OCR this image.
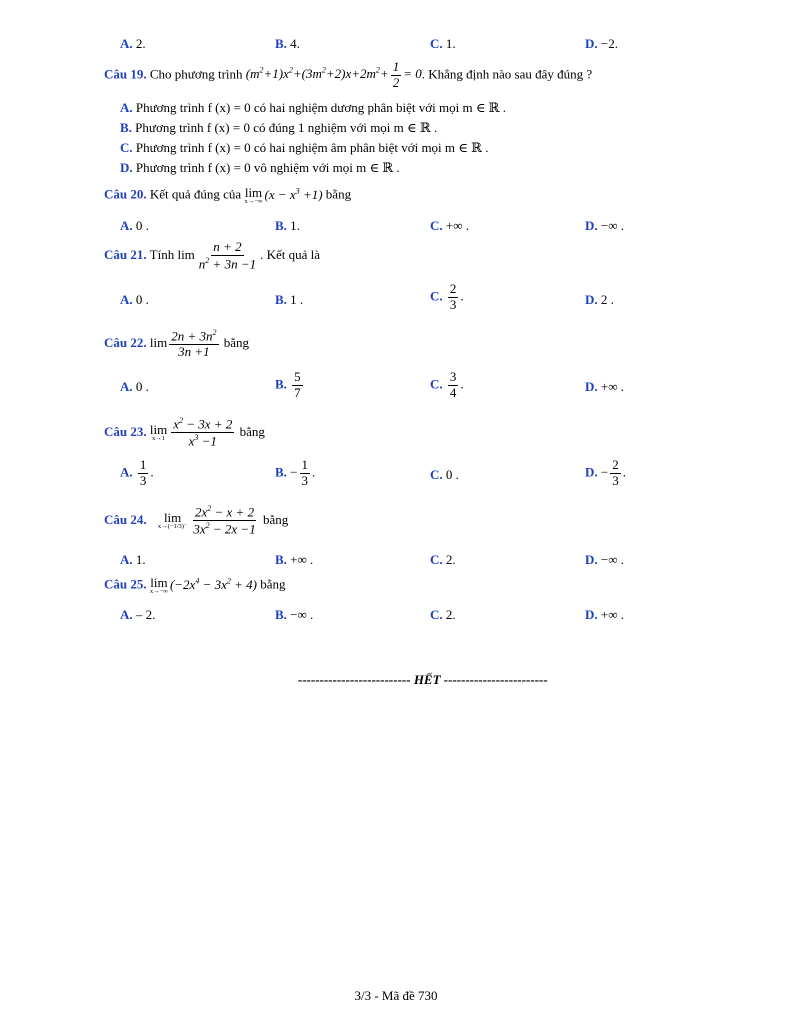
A. 2.	B. 4.	C. 1.	D. −2.
Câu 19. Cho phương trình $(m^2+1)x^2+(3m^2+2)x+2m^2+ \frac{1}{2} = 0$. Khẳng định nào sau đây đúng ?
A. Phương trình f (x) = 0 có hai nghiệm dương phân biệt với mọi m ∈ ℝ .
B. Phương trình f (x) = 0 có đúng 1 nghiệm với mọi m ∈ ℝ .
C. Phương trình f (x) = 0 có hai nghiệm âm phân biệt với mọi m ∈ ℝ .
D. Phương trình f (x) = 0 vô nghiệm với mọi m ∈ ℝ .
Câu 20. Kết quả đúng của lim
x→−∞ $(x - x^3 +1)$ bằng
A. 0 .	B. 1.	C. +∞ .	D. −∞ .
Câu 21. Tính $\lim \frac{n + 2}{n^2 + 3n -1}$ . Kết quả là
A. 0 .	B. 1 .	C. $\frac{2}{3}$ .	D. 2 .
Câu 22. $\lim \frac{2n + 3n^2}{3n +1}$ bằng
A. 0 .	B. $\frac{5}{7}$	C. $\frac{3}{4}$ .	D. +∞ .
Câu 23. lim
$x\to 1 \frac{x^2 - 3x + 2}{x^3 -1}$ bằng
A. $\frac{1}{3}$ .	B. − $\frac{1}{3}$ .	C. 0 .	D. − $\frac{2}{3}$ .
Câu 24. lim
$x\to(-1/3)^- \frac{2x^2 - x + 2}{3x^2 - 2x -1}$ bằng
A. 1.	B. +∞ .	C. 2.	D. −∞ .
Câu 25. lim
x→−∞ $(-2x^4 - 3x^2 + 4)$ bằng
A. – 2.	B. −∞ .	C. 2.	D. +∞ .
-------------------------- HẾT ------------------------
3/3 - Mã đề 730
